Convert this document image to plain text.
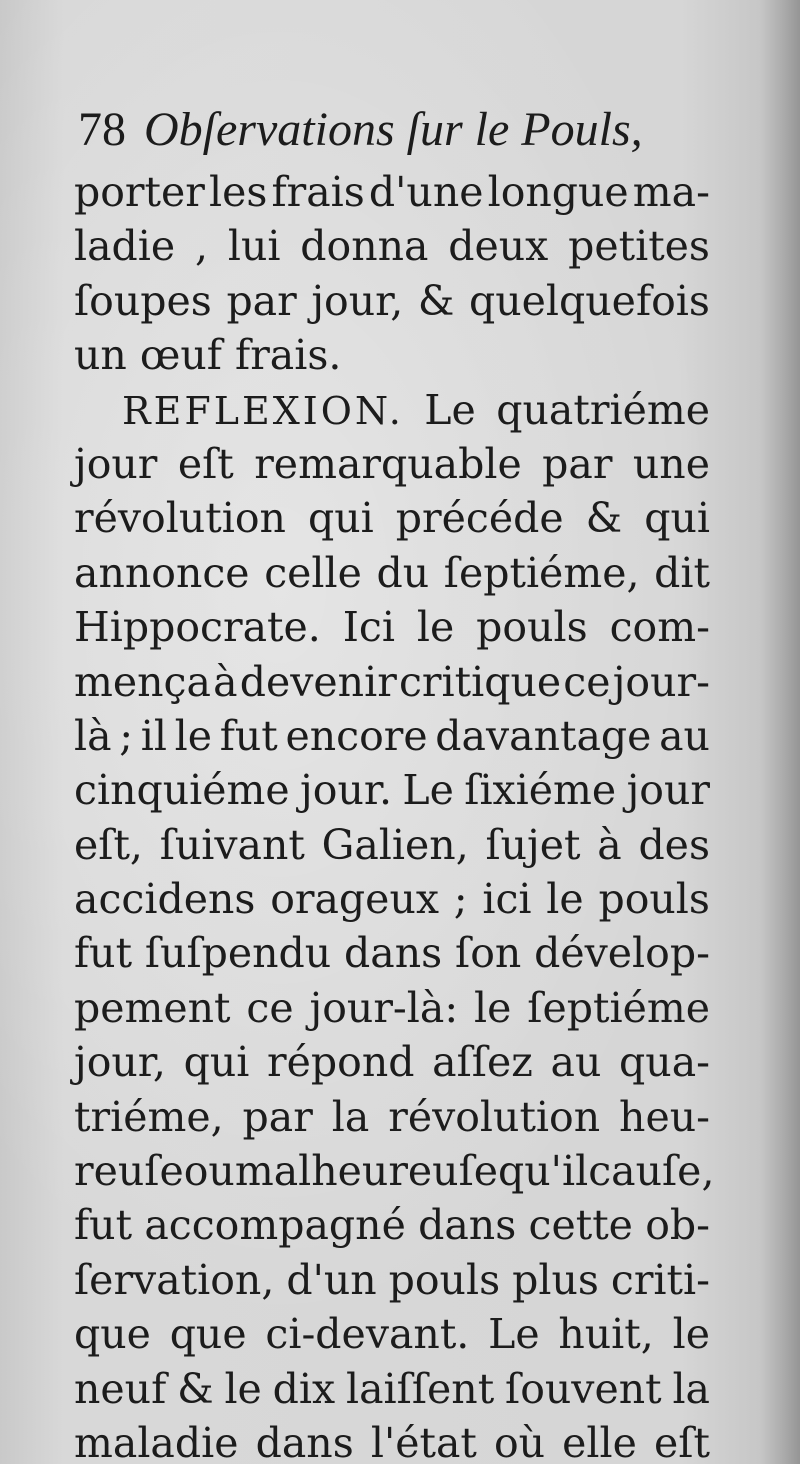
78 Obſervations ſur le Pouls,
porter les frais d'une longue ma-
ladie , lui donna deux petites
ſoupes par jour, & quelquefois
un
œuf
frais.
REFLEXION. Le quatriéme
jour eſt remarquable par une
révolution qui précéde & qui
annonce celle du ſeptiéme, dit
Hippocrate. Ici le pouls com-
mença à devenir critique ce jour-
là ; il le fut encore davantage au
cinquiéme jour. Le ſixiéme jour
eſt, ſuivant Galien, ſujet à des
accidens orageux ; ici le pouls
fut ſuſpendu dans ſon dévelop-
pement ce jour-là: le ſeptiéme
jour, qui répond aſſez au qua-
triéme, par la révolution heu-
reuſe ou malheureuſe qu'il cauſe,
fut accompagné dans cette ob-
ſervation, d'un pouls plus criti-
que que ci-devant. Le huit, le
neuf & le dix laiſſent ſouvent la
maladie dans l'état où elle eſt
